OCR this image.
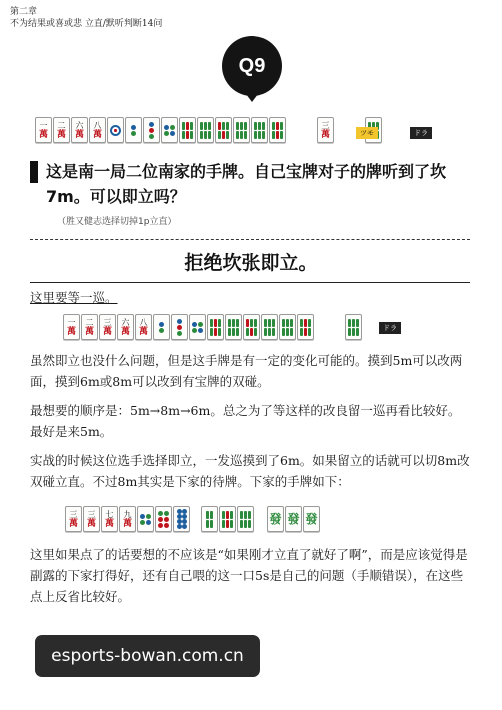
第二章
不为结果或喜或悲 立直/默听判断14问
Q9
一
萬
二
萬
六
萬
八
萬
三
萬	ツモ	ドラ
这是南一局二位南家的手牌。自己宝牌对子的牌听到了坎7m。可以即立吗？
（胜又健志选择切掉1p立直）
拒绝坎张即立。
这里要等一巡。
一
萬
二
萬
三
萬
六
萬
八
萬	ドラ
虽然即立也没什么问题，但是这手牌是有一定的变化可能的。摸到5m可以改两面，摸到6m或8m可以改到有宝牌的双碰。
最想要的顺序是：5m→8m→6m。总之为了等这样的改良留一巡再看比较好。最好是来5m。
实战的时候这位选手选择即立，一发巡摸到了6m。如果留立的话就可以切8m改双碰立直。不过8m其实是下家的待牌。下家的手牌如下：
三
萬
三
萬
七
萬
九
萬	發 發 發
这里如果点了的话要想的不应该是“如果刚才立直了就好了啊”，而是应该觉得是副露的下家打得好，还有自己喂的这一口5s是自己的问题（手顺错误），在这些点上反省比较好。
esports-bowan.com.cn
